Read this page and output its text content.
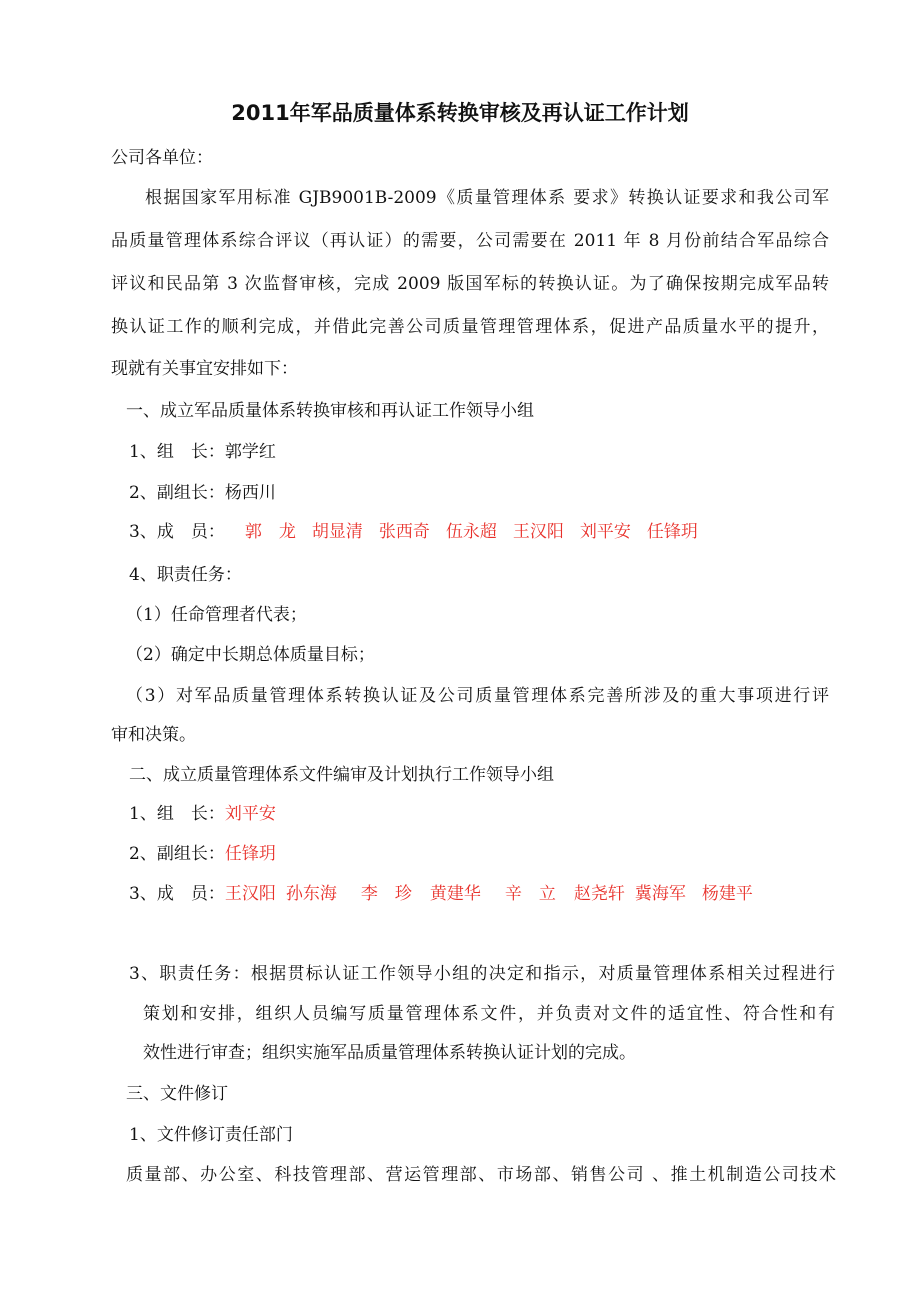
2011年军品质量体系转换审核及再认证工作计划
公司各单位：
根据国家军用标准 GJB9001B-2009《质量管理体系 要求》转换认证要求和我公司军
品质量管理体系综合评议（再认证）的需要，公司需要在 2011 年 8 月份前结合军品综合
评议和民品第 3 次监督审核，完成 2009 版国军标的转换认证。为了确保按期完成军品转
换认证工作的顺利完成，并借此完善公司质量管理管理体系，促进产品质量水平的提升，
现就有关事宜安排如下：
一、成立军品质量体系转换审核和再认证工作领导小组
1、组　长：郭学红
2、副组长：杨西川
3、成　员： 郭　龙 胡显清 张西奇 伍永超 王汉阳 刘平安 任锋玥
4、职责任务：
（1）任命管理者代表；
（2）确定中长期总体质量目标；
（3）对军品质量管理体系转换认证及公司质量管理体系完善所涉及的重大事项进行评
审和决策。
二、成立质量管理体系文件编审及计划执行工作领导小组
1、组　长：刘平安
2、副组长：任锋玥
3、成　员：王汉阳 孙东海 李　珍 黄建华 辛　立 赵尧轩 冀海军 杨建平
3、职责任务：根据贯标认证工作领导小组的决定和指示，对质量管理体系相关过程进行
策划和安排，组织人员编写质量管理体系文件，并负责对文件的适宜性、符合性和有
效性进行审查；组织实施军品质量管理体系转换认证计划的完成。
三、文件修订
1、文件修订责任部门
质量部、办公室、科技管理部、营运管理部、市场部、销售公司 、推土机制造公司技术
